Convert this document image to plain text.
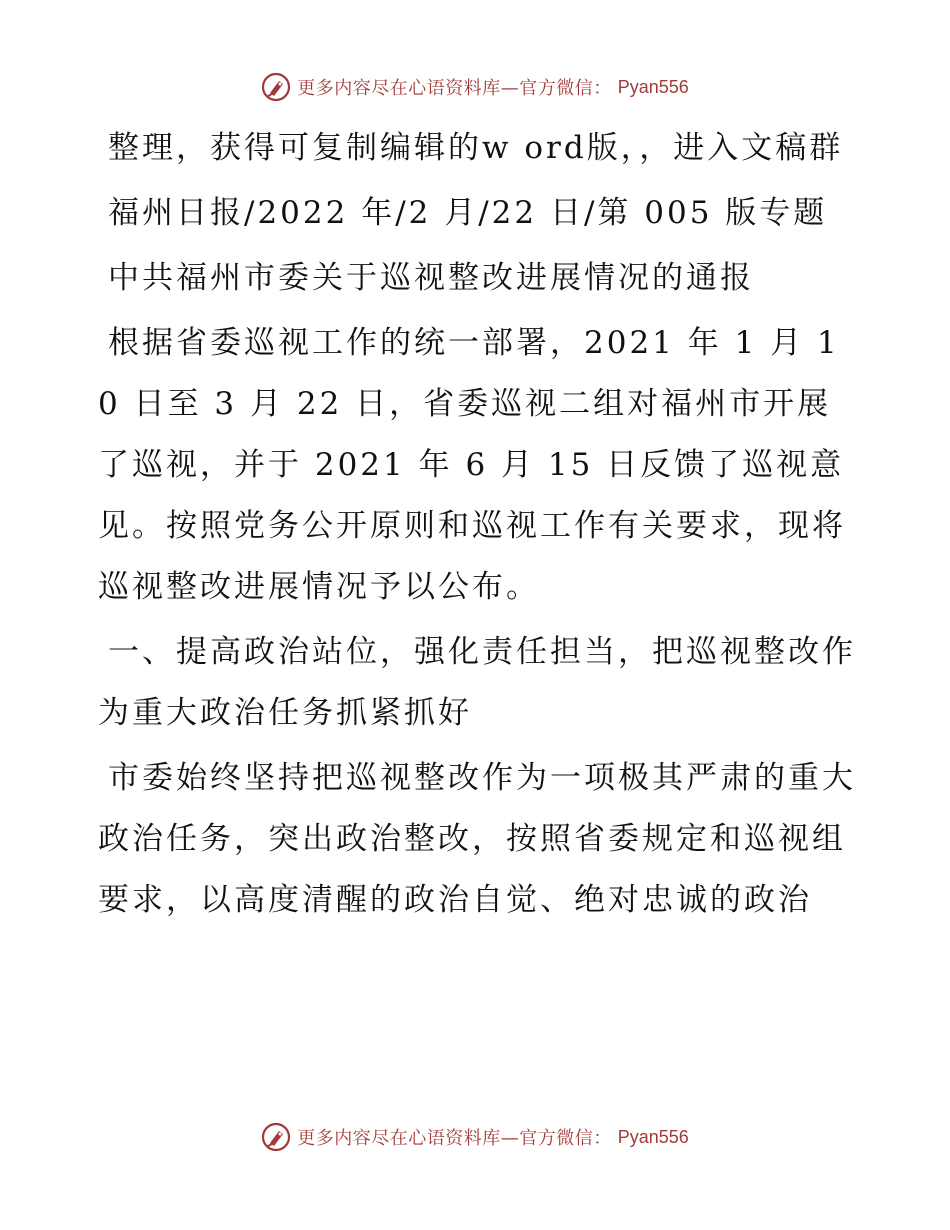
更多内容尽在心语资料库—官方微信： Pyan556

整理，获得可复制编辑的w ord版，，进入文稿群

福州日报/2022 年/2 月/22 日/第 005 版专题

中共福州市委关于巡视整改进展情况的通报

根据省委巡视工作的统一部署，2021 年 1 月 10 日至 3 月 22 日，省委巡视二组对福州市开展了巡视，并于 2021 年 6 月 15 日反馈了巡视意见。按照党务公开原则和巡视工作有关要求，现将巡视整改进展情况予以公布。

一、提高政治站位，强化责任担当，把巡视整改作为重大政治任务抓紧抓好

市委始终坚持把巡视整改作为一项极其严肃的重大政治任务，突出政治整改，按照省委规定和巡视组要求，以高度清醒的政治自觉、绝对忠诚的政治

更多内容尽在心语资料库—官方微信： Pyan556
